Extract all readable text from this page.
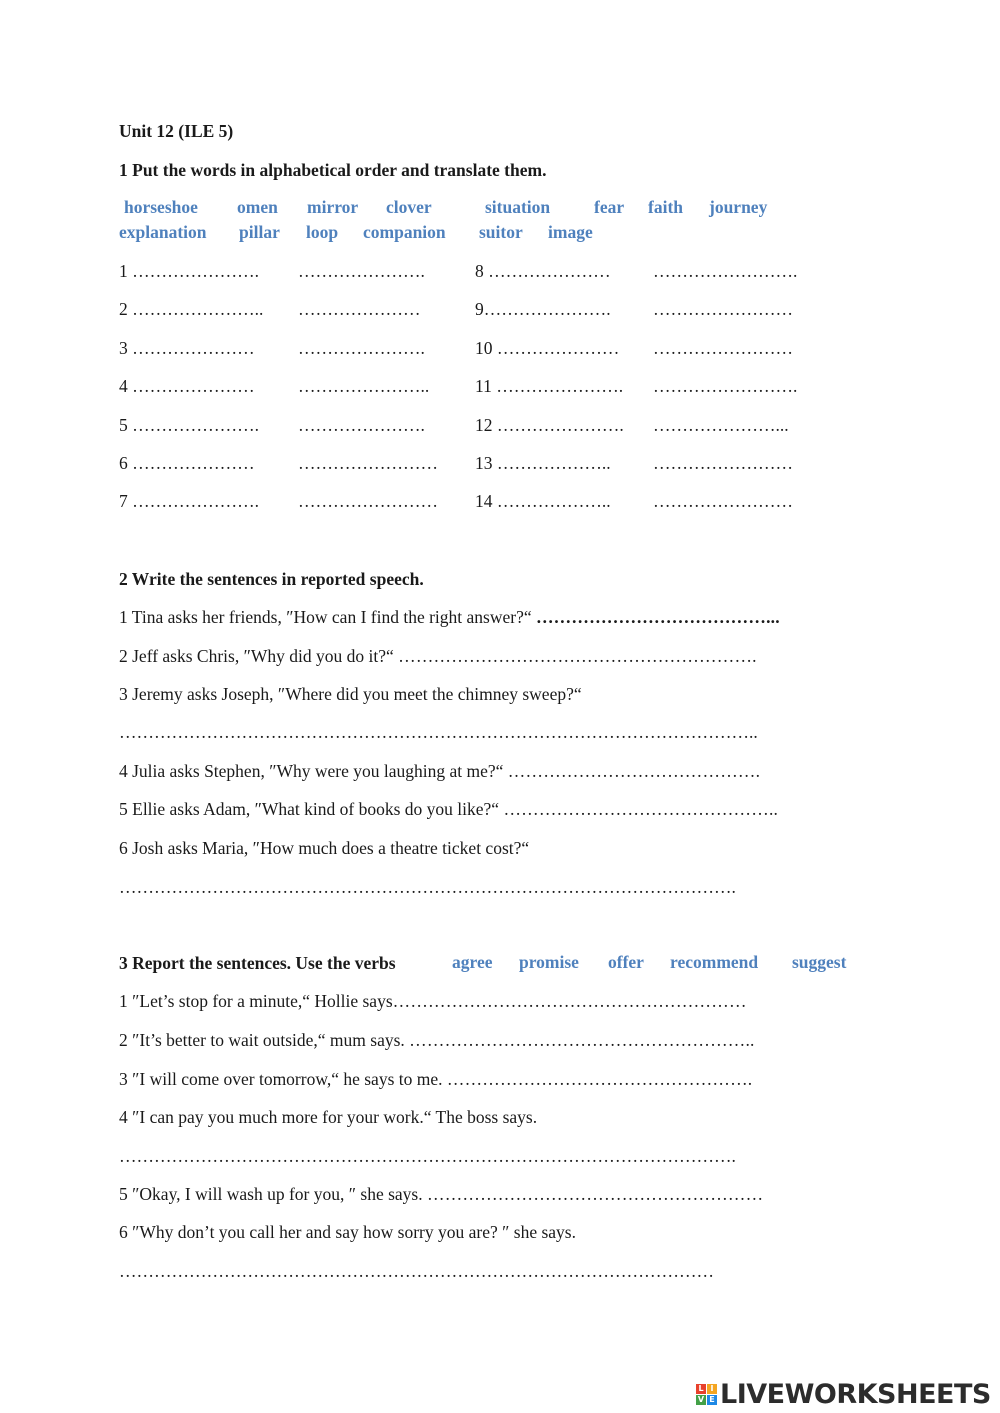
Unit 12 (ILE 5)
1 Put the words in alphabetical order and translate them.
horseshoe omen mirror clover	situation	fear faith journey
explanation pillar loop companion suitor image
1 …………………. ………………….	8 ………………… …………………….
2 ………………….. …………………	9…………………. ……………………
3 ………………… ………………….	10 ………………… ……………………
4 ………………… …………………..	11 …………………. …………………….
5 …………………. ………………….	12 …………………. …………………...
6 ………………… …………………… 13 ……………….. ……………………
7 …………………. …………………… 14 ……………….. ……………………
2 Write the sentences in reported speech.
1 Tina asks her friends, ″How can I find the right answer?“ …………………………………...
2 Jeff asks Chris, ″Why did you do it?“ …………………………………………………….
3 Jeremy asks Joseph, ″Where did you meet the chimney sweep?“
………………………………………………………………………………………………..
4 Julia asks Stephen, ″Why were you laughing at me?“ …………………………………….
5 Ellie asks Adam, ″What kind of books do you like?“ ………………………………………..
6 Josh asks Maria, ″How much does a theatre ticket cost?“
…………………………………………………………………………………………….
3 Report the sentences. Use the verbs	agree promise offer recommend suggest
1 ″Let’s stop for a minute,“ Hollie says……………………………………………………
2 ″It’s better to wait outside,“ mum says. …………………………………………………..
3 ″I will come over tomorrow,“ he says to me. …………………………………………….
4 ″I can pay you much more for your work.“ The boss says.
…………………………………………………………………………………………….
5 ″Okay, I will wash up for you, ″ she says. …………………………………………………
6 ″Why don’t you call her and say how sorry you are? ″ she says.
…………………………………………………………………………………………
L I
V E LIVEWORKSHEETS
